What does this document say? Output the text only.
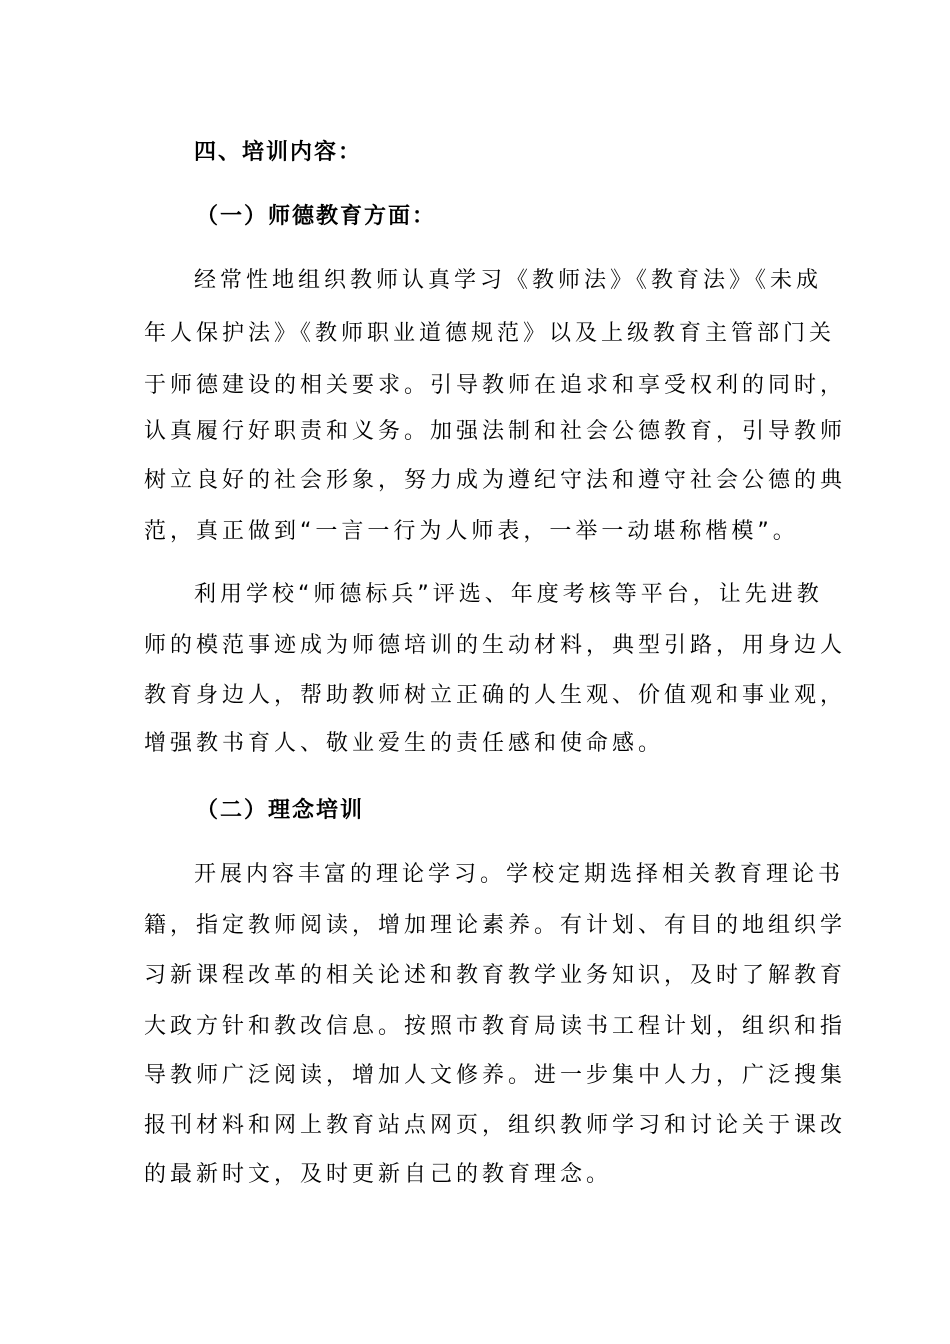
四、培训内容：
（一）师德教育方面：
经常性地组织教师认真学习《教师法》《教育法》《未成
年人保护法》《教师职业道德规范》以及上级教育主管部门关
于师德建设的相关要求。引导教师在追求和享受权利的同时，
认真履行好职责和义务。加强法制和社会公德教育，引导教师
树立良好的社会形象，努力成为遵纪守法和遵守社会公德的典
范，真正做到“一言一行为人师表，一举一动堪称楷模”。
利用学校“师德标兵”评选、年度考核等平台，让先进教
师的模范事迹成为师德培训的生动材料，典型引路，用身边人
教育身边人，帮助教师树立正确的人生观、价值观和事业观，
增强教书育人、敬业爱生的责任感和使命感。
（二）理念培训
开展内容丰富的理论学习。学校定期选择相关教育理论书
籍，指定教师阅读，增加理论素养。有计划、有目的地组织学
习新课程改革的相关论述和教育教学业务知识，及时了解教育
大政方针和教改信息。按照市教育局读书工程计划，组织和指
导教师广泛阅读，增加人文修养。进一步集中人力，广泛搜集
报刊材料和网上教育站点网页，组织教师学习和讨论关于课改
的最新时文，及时更新自己的教育理念。
